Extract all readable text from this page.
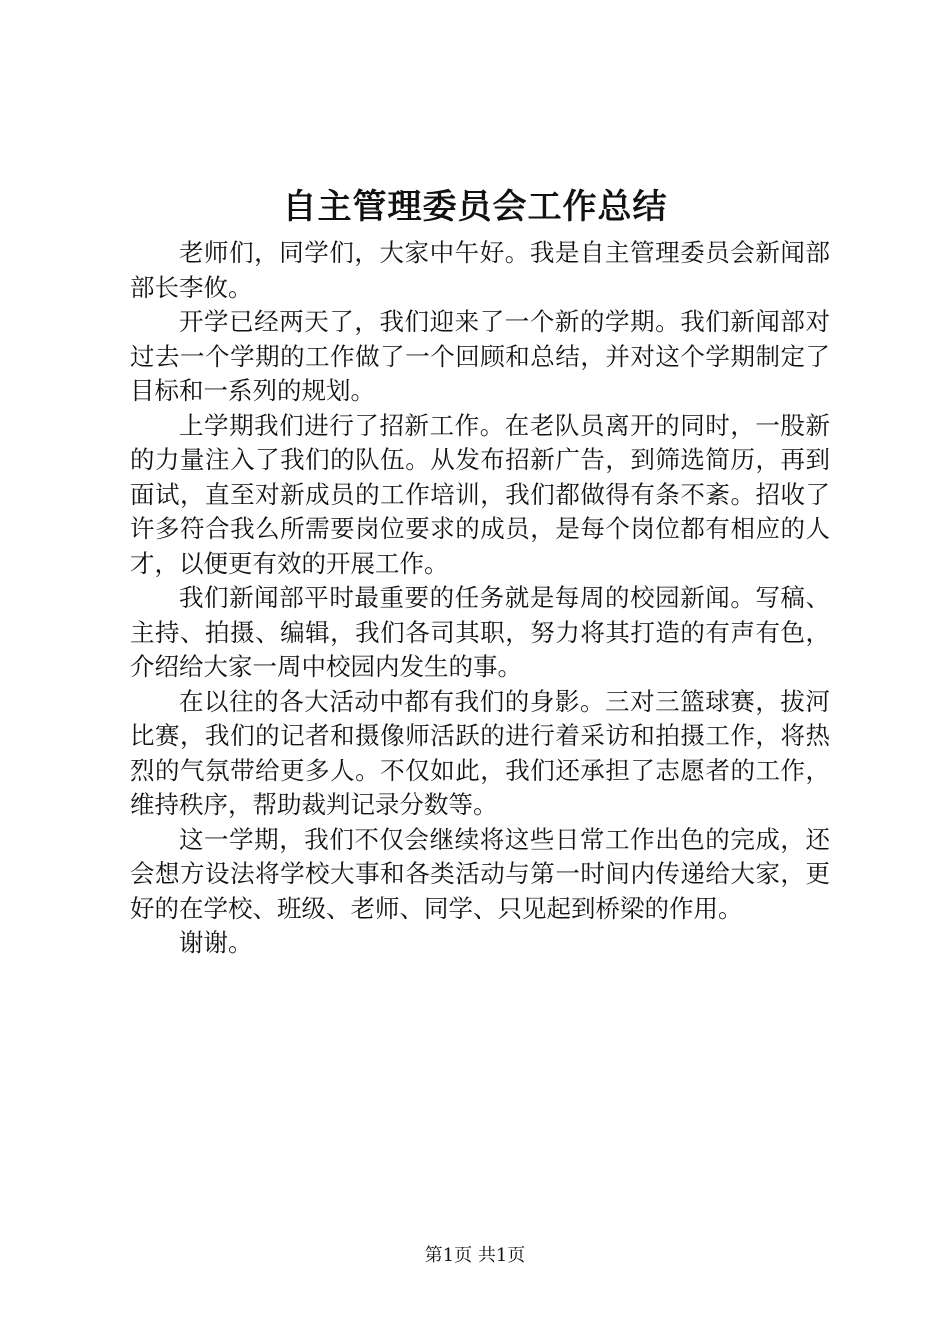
自主管理委员会工作总结

老师们，同学们，大家中午好。我是自主管理委员会新闻部部长李攸。

开学已经两天了，我们迎来了一个新的学期。我们新闻部对过去一个学期的工作做了一个回顾和总结，并对这个学期制定了目标和一系列的规划。

上学期我们进行了招新工作。在老队员离开的同时，一股新的力量注入了我们的队伍。从发布招新广告，到筛选简历，再到面试，直至对新成员的工作培训，我们都做得有条不紊。招收了许多符合我么所需要岗位要求的成员，是每个岗位都有相应的人才，以便更有效的开展工作。

我们新闻部平时最重要的任务就是每周的校园新闻。写稿、主持、拍摄、编辑，我们各司其职，努力将其打造的有声有色，介绍给大家一周中校园内发生的事。

在以往的各大活动中都有我们的身影。三对三篮球赛，拔河比赛，我们的记者和摄像师活跃的进行着采访和拍摄工作，将热烈的气氛带给更多人。不仅如此，我们还承担了志愿者的工作，维持秩序，帮助裁判记录分数等。

这一学期，我们不仅会继续将这些日常工作出色的完成，还会想方设法将学校大事和各类活动与第一时间内传递给大家，更好的在学校、班级、老师、同学、只见起到桥梁的作用。

谢谢。

第1页 共1页
